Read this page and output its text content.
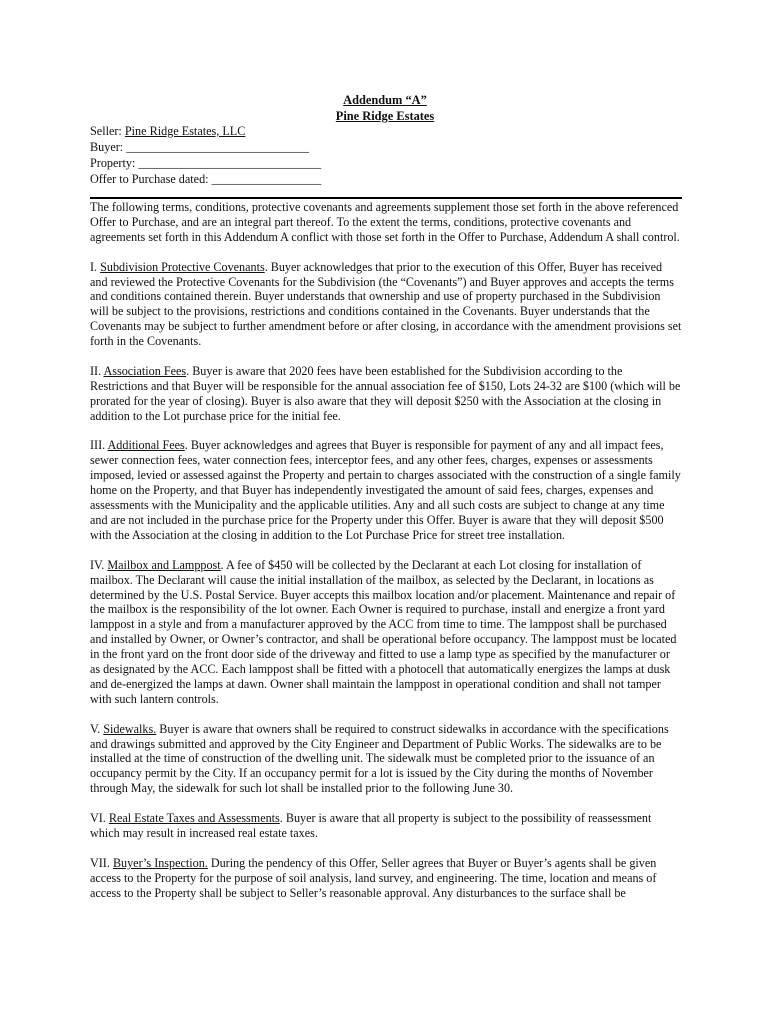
Addendum “A”
Pine Ridge Estates
Seller: Pine Ridge Estates, LLC
Buyer: ______________________________
Property: ______________________________
Offer to Purchase dated: __________________

The following terms, conditions, protective covenants and agreements supplement those set forth in the above referenced Offer to Purchase, and are an integral part thereof. To the extent the terms, conditions, protective covenants and agreements set forth in this Addendum A conflict with those set forth in the Offer to Purchase, Addendum A shall control.

I. Subdivision Protective Covenants. Buyer acknowledges that prior to the execution of this Offer, Buyer has received and reviewed the Protective Covenants for the Subdivision (the “Covenants”) and Buyer approves and accepts the terms and conditions contained therein. Buyer understands that ownership and use of property purchased in the Subdivision will be subject to the provisions, restrictions and conditions contained in the Covenants. Buyer understands that the Covenants may be subject to further amendment before or after closing, in accordance with the amendment provisions set forth in the Covenants.

II. Association Fees. Buyer is aware that 2020 fees have been established for the Subdivision according to the Restrictions and that Buyer will be responsible for the annual association fee of $150, Lots 24-32 are $100 (which will be prorated for the year of closing). Buyer is also aware that they will deposit $250 with the Association at the closing in addition to the Lot purchase price for the initial fee.

III. Additional Fees. Buyer acknowledges and agrees that Buyer is responsible for payment of any and all impact fees, sewer connection fees, water connection fees, interceptor fees, and any other fees, charges, expenses or assessments imposed, levied or assessed against the Property and pertain to charges associated with the construction of a single family home on the Property, and that Buyer has independently investigated the amount of said fees, charges, expenses and assessments with the Municipality and the applicable utilities. Any and all such costs are subject to change at any time and are not included in the purchase price for the Property under this Offer. Buyer is aware that they will deposit $500 with the Association at the closing in addition to the Lot Purchase Price for street tree installation.

IV. Mailbox and Lamppost. A fee of $450 will be collected by the Declarant at each Lot closing for installation of mailbox. The Declarant will cause the initial installation of the mailbox, as selected by the Declarant, in locations as determined by the U.S. Postal Service. Buyer accepts this mailbox location and/or placement. Maintenance and repair of the mailbox is the responsibility of the lot owner. Each Owner is required to purchase, install and energize a front yard lamppost in a style and from a manufacturer approved by the ACC from time to time. The lamppost shall be purchased and installed by Owner, or Owner’s contractor, and shall be operational before occupancy. The lamppost must be located in the front yard on the front door side of the driveway and fitted to use a lamp type as specified by the manufacturer or as designated by the ACC. Each lamppost shall be fitted with a photocell that automatically energizes the lamps at dusk and de-energized the lamps at dawn. Owner shall maintain the lamppost in operational condition and shall not tamper with such lantern controls.

V. Sidewalks. Buyer is aware that owners shall be required to construct sidewalks in accordance with the specifications and drawings submitted and approved by the City Engineer and Department of Public Works. The sidewalks are to be installed at the time of construction of the dwelling unit. The sidewalk must be completed prior to the issuance of an occupancy permit by the City. If an occupancy permit for a lot is issued by the City during the months of November through May, the sidewalk for such lot shall be installed prior to the following June 30.

VI. Real Estate Taxes and Assessments. Buyer is aware that all property is subject to the possibility of reassessment which may result in increased real estate taxes.

VII. Buyer’s Inspection. During the pendency of this Offer, Seller agrees that Buyer or Buyer’s agents shall be given access to the Property for the purpose of soil analysis, land survey, and engineering. The time, location and means of access to the Property shall be subject to Seller’s reasonable approval. Any disturbances to the surface shall be
